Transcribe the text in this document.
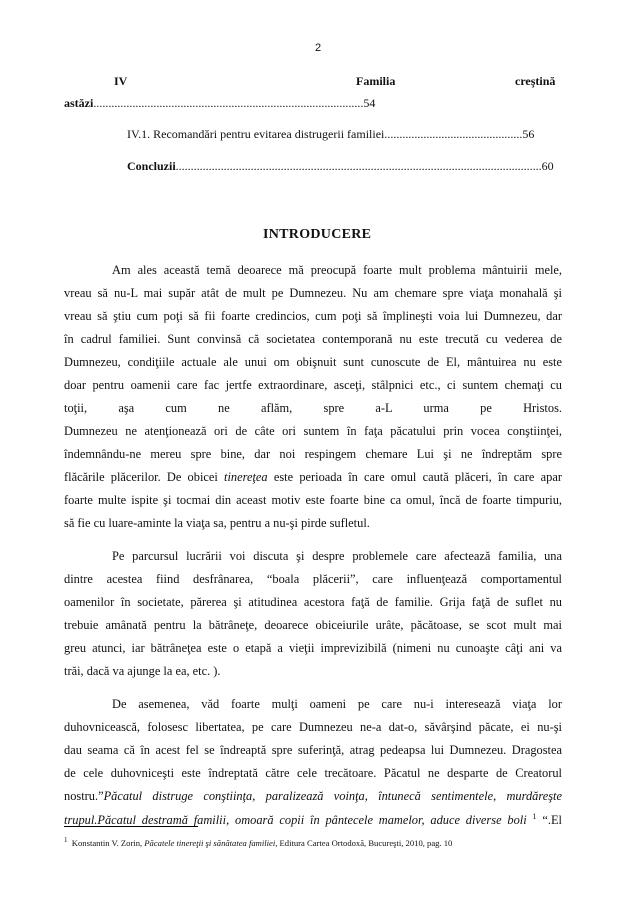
2
IV	Familia	creştină
astăzi..........................................................................................54
IV.1. Recomandări pentru evitarea distrugerii familiei..............................................56
Concluzii..........................................................................................................................60
INTRODUCERE
Am ales această temă deoarece mă preocupă foarte mult problema mântuirii mele,
vreau să nu-L mai supăr atât de mult pe Dumnezeu. Nu am chemare spre viaţa monahală şi
vreau să ştiu cum poţi să fii foarte credincios, cum poţi să împlineşti voia lui Dumnezeu, dar
în cadrul familiei. Sunt convinsă că societatea contemporană nu este trecută cu vederea de
Dumnezeu, condiţiile actuale ale unui om obişnuit sunt cunoscute de El, mântuirea nu este
doar pentru oamenii care fac jertfe extraordinare, asceţi, stâlpnici etc., ci suntem chemaţi cu
toţii, aşa cum ne aflăm, spre a-L urma pe Hristos.
Dumnezeu ne atenţionează ori de câte ori suntem în faţa păcatului prin vocea conştiinţei,
îndemnându-ne mereu spre bine, dar noi respingem chemare Lui şi ne îndreptăm spre
flăcările plăcerilor. De obicei tinereţea este perioada în care omul caută plăceri, în care apar
foarte multe ispite şi tocmai din aceast motiv este foarte bine ca omul, încă de foarte timpuriu,
să fie cu luare-aminte la viaţa sa, pentru a nu-şi pirde sufletul.
Pe parcursul lucrării voi discuta şi despre problemele care afectează familia, una
dintre acestea fiind desfrânarea, “boala plăcerii”, care influenţează comportamentul
oamenilor în societate, părerea şi atitudinea acestora faţă de familie. Grija faţă de suflet nu
trebuie amânată pentru la bătrâneţe, deoarece obiceiurile urâte, păcătoase, se scot mult mai
greu atunci, iar bătrâneţea este o etapă a vieţii imprevizibilă (nimeni nu cunoaşte câţi ani va
trăi, dacă va ajunge la ea, etc. ).
De asemenea, văd foarte mulţi oameni pe care nu-i interesează viaţa lor
duhovnicească, folosesc libertatea, pe care Dumnezeu ne-a dat-o, săvârşind păcate, ei nu-şi
dau seama că în acest fel se îndreaptă spre suferinţă, atrag pedeapsa lui Dumnezeu. Dragostea
de cele duhovniceşti este îndreptată către cele trecătoare. Păcatul ne desparte de Creatorul
nostru.”Păcatul distruge conştiinţa, paralizează voinţa, întunecă sentimentele, murdăreşte
trupul.Păcatul destramă familii, omoară copii în pântecele mamelor, aduce diverse boli $^1$ “.El
$^1$ Konstantin V. Zorin, Păcatele tinereţii şi sănătatea familiei, Editura Cartea Ortodoxă, Bucureşti, 2010, pag. 10
